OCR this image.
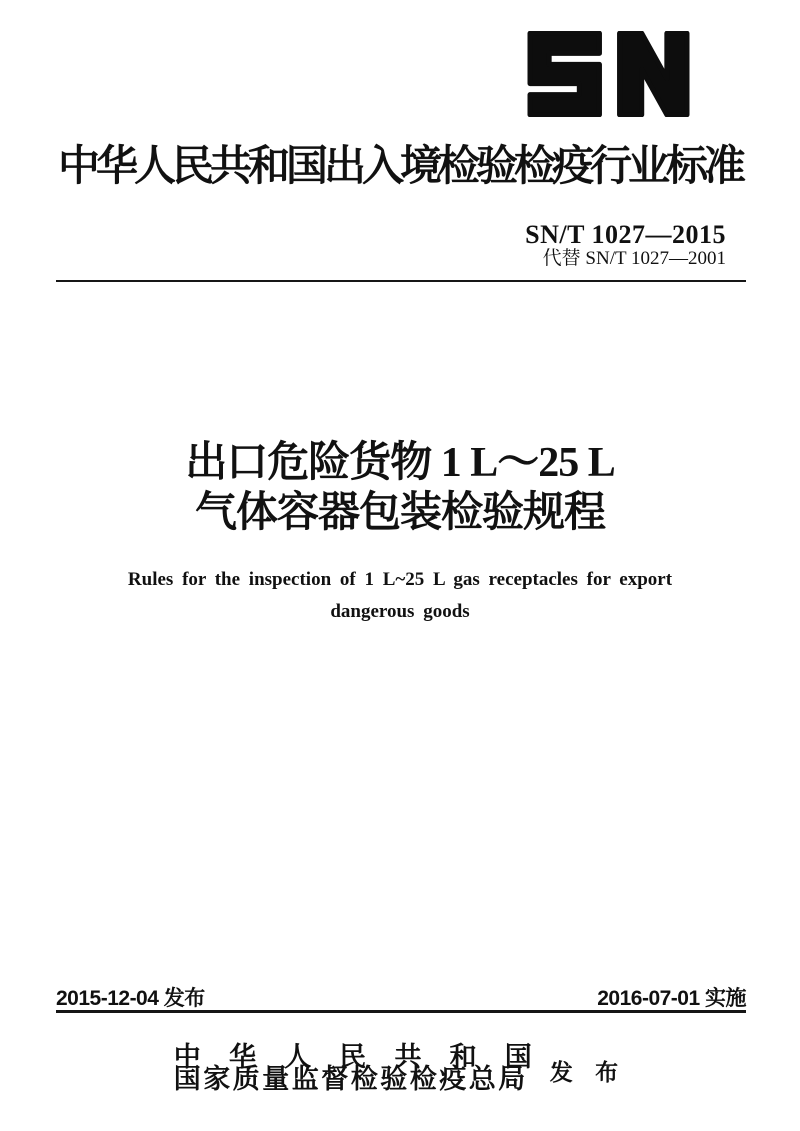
中华人民共和国出入境检验检疫行业标准
SN/T 1027—2015
代替 SN/T 1027—2001
出口危险货物 1 L～25 L
气体容器包装检验规程
Rules for the inspection of 1 L~25 L gas receptacles for export
dangerous goods
2015-12-04 发布	2016-07-01 实施
中 华 人 民 共 和 国
国家质量监督检验检疫总局 发 布
